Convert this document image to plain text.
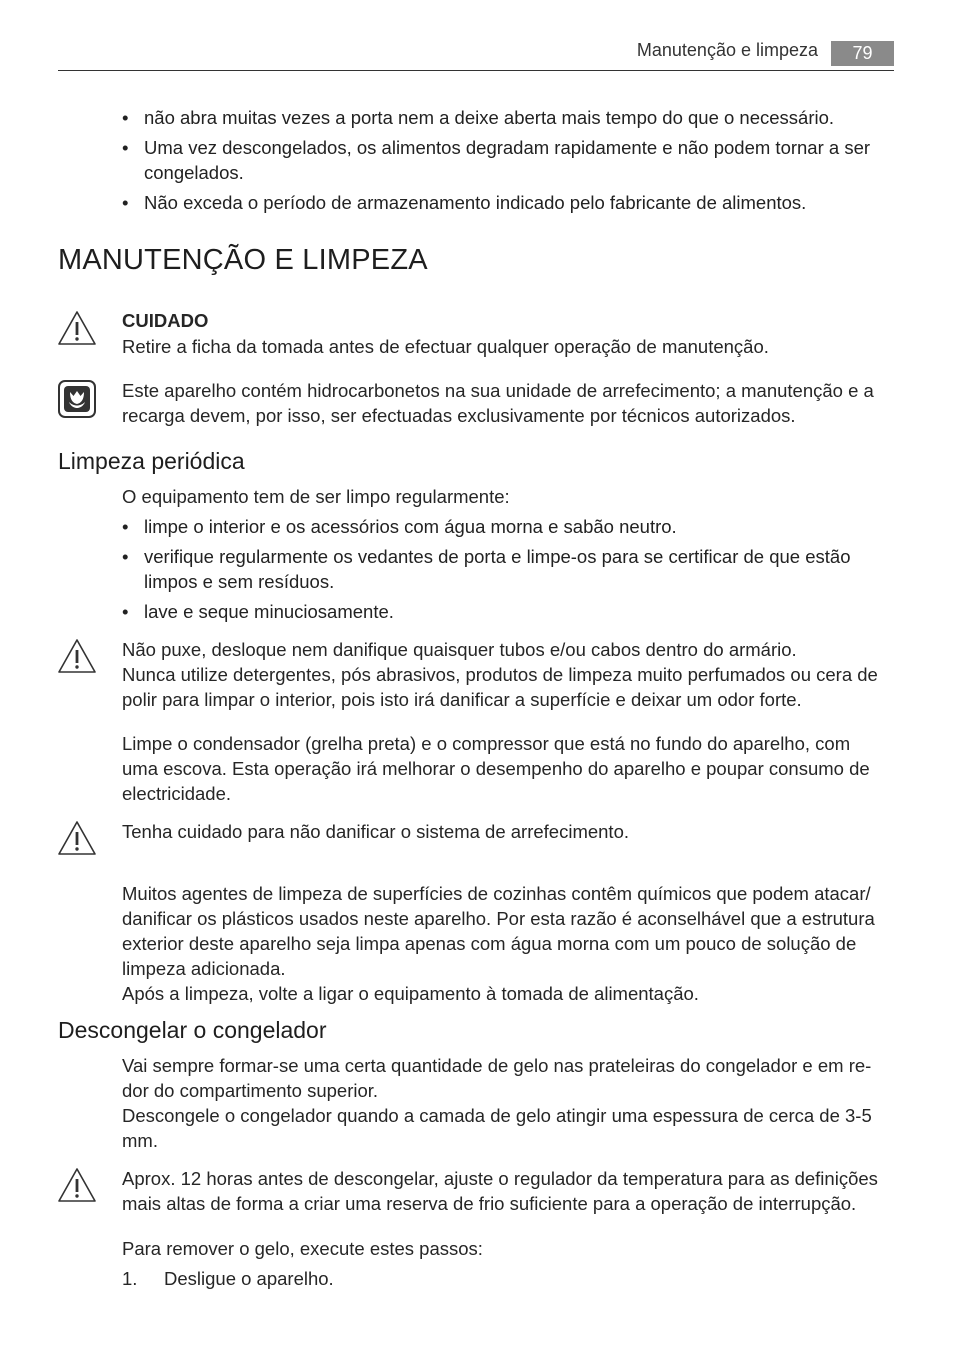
Manutenção e limpeza	79
• não abra muitas vezes a porta nem a deixe aberta mais tempo do que o necessário.
• Uma vez descongelados, os alimentos degradam rapidamente e não podem tornar a ser congelados.
• Não exceda o período de armazenamento indicado pelo fabricante de alimentos.
MANUTENÇÃO E LIMPEZA
CUIDADO
Retire a ficha da tomada antes de efectuar qualquer operação de manutenção.
Este aparelho contém hidrocarbonetos na sua unidade de arrefecimento; a manutenção e a recarga devem, por isso, ser efectuadas exclusivamente por técnicos autorizados.
Limpeza periódica
O equipamento tem de ser limpo regularmente:
• limpe o interior e os acessórios com água morna e sabão neutro.
• verifique regularmente os vedantes de porta e limpe-os para se certificar de que estão limpos e sem resíduos.
• lave e seque minuciosamente.
Não puxe, desloque nem danifique quaisquer tubos e/ou cabos dentro do armário.
Nunca utilize detergentes, pós abrasivos, produtos de limpeza muito perfumados ou cera de polir para limpar o interior, pois isto irá danificar a superfície e deixar um odor forte.
Limpe o condensador (grelha preta) e o compressor que está no fundo do aparelho, com uma escova. Esta operação irá melhorar o desempenho do aparelho e poupar consumo de electricidade.
Tenha cuidado para não danificar o sistema de arrefecimento.
Muitos agentes de limpeza de superfícies de cozinhas contêm químicos que podem atacar/ danificar os plásticos usados neste aparelho. Por esta razão é aconselhável que a estrutura exterior deste aparelho seja limpa apenas com água morna com um pouco de solução de limpeza adicionada.
Após a limpeza, volte a ligar o equipamento à tomada de alimentação.
Descongelar o congelador
Vai sempre formar-se uma certa quantidade de gelo nas prateleiras do congelador e em re- dor do compartimento superior.
Descongele o congelador quando a camada de gelo atingir uma espessura de cerca de 3-5 mm.
Aprox. 12 horas antes de descongelar, ajuste o regulador da temperatura para as definições mais altas de forma a criar uma reserva de frio suficiente para a operação de interrupção.
Para remover o gelo, execute estes passos:
1. Desligue o aparelho.
